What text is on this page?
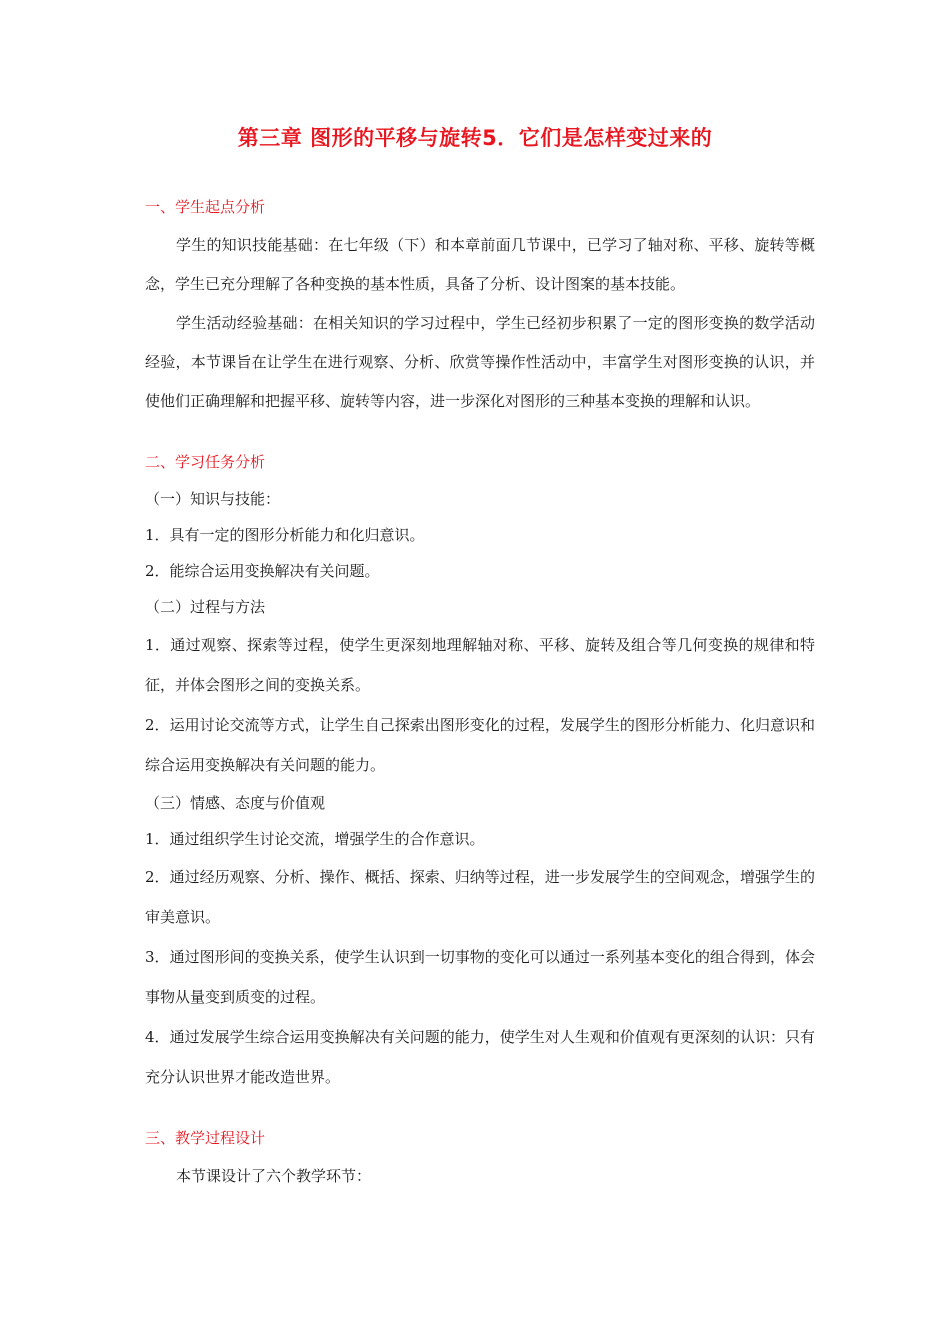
第三章 图形的平移与旋转5．它们是怎样变过来的
一、学生起点分析
学生的知识技能基础：在七年级（下）和本章前面几节课中，已学习了轴对称、平移、旋转等概念，学生已充分理解了各种变换的基本性质，具备了分析、设计图案的基本技能。
学生活动经验基础：在相关知识的学习过程中，学生已经初步积累了一定的图形变换的数学活动经验，本节课旨在让学生在进行观察、分析、欣赏等操作性活动中，丰富学生对图形变换的认识，并使他们正确理解和把握平移、旋转等内容，进一步深化对图形的三种基本变换的理解和认识。
二、学习任务分析
（一）知识与技能：
1．具有一定的图形分析能力和化归意识。
2．能综合运用变换解决有关问题。
（二）过程与方法
1．通过观察、探索等过程，使学生更深刻地理解轴对称、平移、旋转及组合等几何变换的规律和特征，并体会图形之间的变换关系。
2．运用讨论交流等方式，让学生自己探索出图形变化的过程，发展学生的图形分析能力、化归意识和综合运用变换解决有关问题的能力。
（三）情感、态度与价值观
1．通过组织学生讨论交流，增强学生的合作意识。
2．通过经历观察、分析、操作、概括、探索、归纳等过程，进一步发展学生的空间观念，增强学生的审美意识。
3．通过图形间的变换关系，使学生认识到一切事物的变化可以通过一系列基本变化的组合得到，体会事物从量变到质变的过程。
4．通过发展学生综合运用变换解决有关问题的能力，使学生对人生观和价值观有更深刻的认识：只有充分认识世界才能改造世界。
三、教学过程设计
本节课设计了六个教学环节：
